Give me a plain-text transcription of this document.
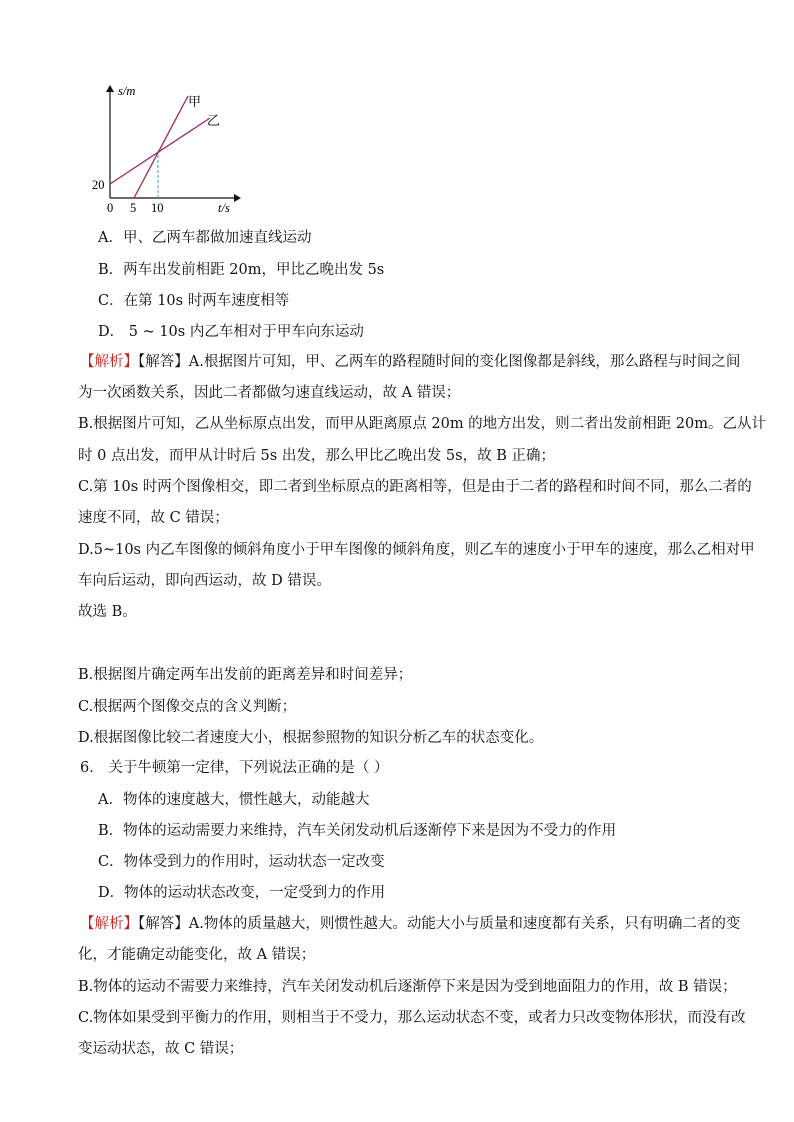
s/m
t/s
20
0 5 10
甲
乙
A．甲、乙两车都做加速直线运动
B．两车出发前相距 20m，甲比乙晚出发 5s
C．在第 10s 时两车速度相等
D． 5 ~ 10s 内乙车相对于甲车向东运动
【解析】【解答】A.根据图片可知，甲、乙两车的路程随时间的变化图像都是斜线，那么路程与时间之间
为一次函数关系，因此二者都做匀速直线运动，故 A 错误；
B.根据图片可知，乙从坐标原点出发，而甲从距离原点 20m 的地方出发，则二者出发前相距 20m。乙从计
时 0 点出发，而甲从计时后 5s 出发，那么甲比乙晚出发 5s，故 B 正确；
C.第 10s 时两个图像相交，即二者到坐标原点的距离相等，但是由于二者的路程和时间不同，那么二者的
速度不同，故 C 错误；
D.5~10s 内乙车图像的倾斜角度小于甲车图像的倾斜角度，则乙车的速度小于甲车的速度，那么乙相对甲
车向后运动，即向西运动，故 D 错误。
故选 B。
B.根据图片确定两车出发前的距离差异和时间差异；
C.根据两个图像交点的含义判断；
D.根据图像比较二者速度大小，根据参照物的知识分析乙车的状态变化。
6． 关于牛顿第一定律，下列说法正确的是（ ）
A．物体的速度越大，惯性越大，动能越大
B．物体的运动需要力来维持，汽车关闭发动机后逐渐停下来是因为不受力的作用
C．物体受到力的作用时，运动状态一定改变
D．物体的运动状态改变，一定受到力的作用
【解析】【解答】A.物体的质量越大，则惯性越大。动能大小与质量和速度都有关系，只有明确二者的变
化，才能确定动能变化，故 A 错误；
B.物体的运动不需要力来维持，汽车关闭发动机后逐渐停下来是因为受到地面阻力的作用，故 B 错误；
C.物体如果受到平衡力的作用，则相当于不受力，那么运动状态不变，或者力只改变物体形状，而没有改
变运动状态，故 C 错误；
